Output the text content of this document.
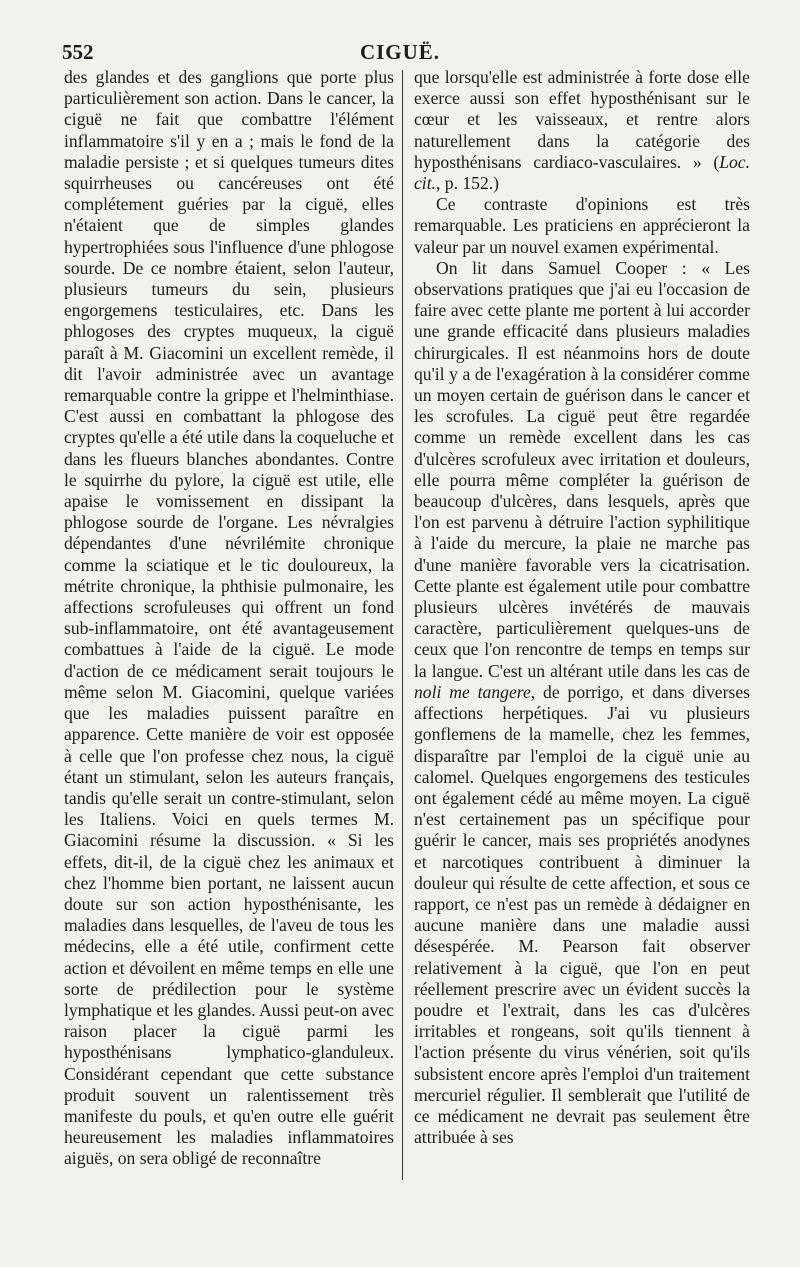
552	CIGUË.

des glandes et des ganglions que porte plus particulièrement son action. Dans le cancer, la ciguë ne fait que combattre l'élément inflammatoire s'il y en a ; mais le fond de la maladie persiste ; et si quelques tumeurs dites squirrheuses ou cancéreuses ont été complétement guéries par la ciguë, elles n'étaient que de simples glandes hypertrophiées sous l'influence d'une phlogose sourde. De ce nombre étaient, selon l'auteur, plusieurs tumeurs du sein, plusieurs engorgemens testiculaires, etc. Dans les phlogoses des cryptes muqueux, la ciguë paraît à M. Giacomini un excellent remède, il dit l'avoir administrée avec un avantage remarquable contre la grippe et l'helminthiase. C'est aussi en combattant la phlogose des cryptes qu'elle a été utile dans la coqueluche et dans les flueurs blanches abondantes. Contre le squirrhe du pylore, la ciguë est utile, elle apaise le vomissement en dissipant la phlogose sourde de l'organe. Les névralgies dépendantes d'une névrilémite chronique comme la sciatique et le tic douloureux, la métrite chronique, la phthisie pulmonaire, les affections scrofuleuses qui offrent un fond sub-inflammatoire, ont été avantageusement combattues à l'aide de la ciguë. Le mode d'action de ce médicament serait toujours le même selon M. Giacomini, quelque variées que les maladies puissent paraître en apparence. Cette manière de voir est opposée à celle que l'on professe chez nous, la ciguë étant un stimulant, selon les auteurs français, tandis qu'elle serait un contre-stimulant, selon les Italiens. Voici en quels termes M. Giacomini résume la discussion. « Si les effets, dit-il, de la ciguë chez les animaux et chez l'homme bien portant, ne laissent aucun doute sur son action hyposthénisante, les maladies dans lesquelles, de l'aveu de tous les médecins, elle a été utile, confirment cette action et dévoilent en même temps en elle une sorte de prédilection pour le système lymphatique et les glandes. Aussi peut-on avec raison placer la ciguë parmi les hyposthénisans lymphatico-glanduleux. Considérant cependant que cette substance produit souvent un ralentissement très manifeste du pouls, et qu'en outre elle guérit heureusement les maladies inflammatoires aiguës, on sera obligé de reconnaître

que lorsqu'elle est administrée à forte dose elle exerce aussi son effet hyposthénisant sur le cœur et les vaisseaux, et rentre alors naturellement dans la catégorie des hyposthénisans cardiaco-vasculaires. » (Loc. cit., p. 152.)

Ce contraste d'opinions est très remarquable. Les praticiens en apprécieront la valeur par un nouvel examen expérimental.

On lit dans Samuel Cooper : « Les observations pratiques que j'ai eu l'occasion de faire avec cette plante me portent à lui accorder une grande efficacité dans plusieurs maladies chirurgicales. Il est néanmoins hors de doute qu'il y a de l'exagération à la considérer comme un moyen certain de guérison dans le cancer et les scrofules. La ciguë peut être regardée comme un remède excellent dans les cas d'ulcères scrofuleux avec irritation et douleurs, elle pourra même compléter la guérison de beaucoup d'ulcères, dans lesquels, après que l'on est parvenu à détruire l'action syphilitique à l'aide du mercure, la plaie ne marche pas d'une manière favorable vers la cicatrisation. Cette plante est également utile pour combattre plusieurs ulcères invétérés de mauvais caractère, particulièrement quelques-uns de ceux que l'on rencontre de temps en temps sur la langue. C'est un altérant utile dans les cas de noli me tangere, de porrigo, et dans diverses affections herpétiques. J'ai vu plusieurs gonflemens de la mamelle, chez les femmes, disparaître par l'emploi de la ciguë unie au calomel. Quelques engorgemens des testicules ont également cédé au même moyen. La ciguë n'est certainement pas un spécifique pour guérir le cancer, mais ses propriétés anodynes et narcotiques contribuent à diminuer la douleur qui résulte de cette affection, et sous ce rapport, ce n'est pas un remède à dédaigner en aucune manière dans une maladie aussi désespérée. M. Pearson fait observer relativement à la ciguë, que l'on en peut réellement prescrire avec un évident succès la poudre et l'extrait, dans les cas d'ulcères irritables et rongeans, soit qu'ils tiennent à l'action présente du virus vénérien, soit qu'ils subsistent encore après l'emploi d'un traitement mercuriel régulier. Il semblerait que l'utilité de ce médicament ne devrait pas seulement être attribuée à ses
